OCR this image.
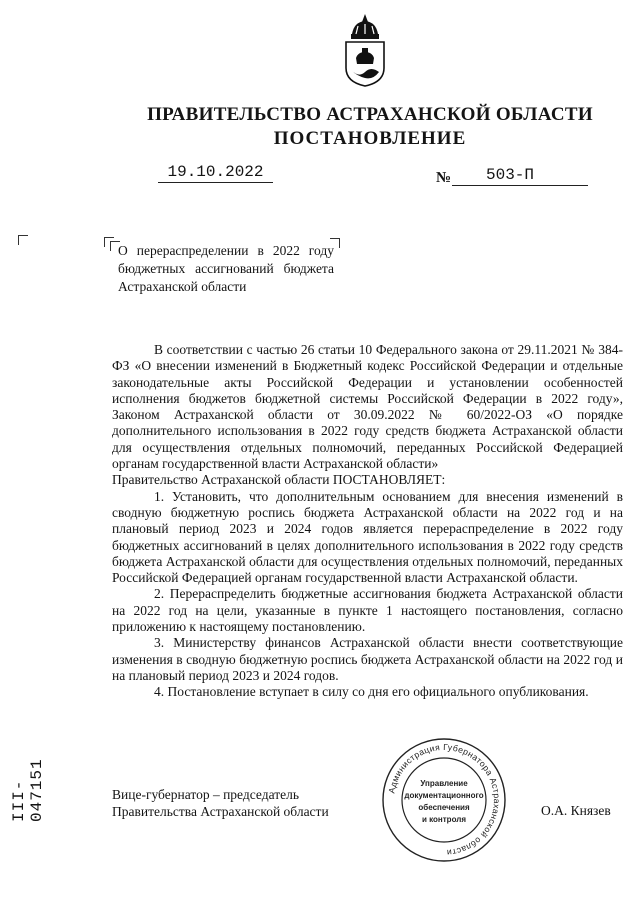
ПРАВИТЕЛЬСТВО АСТРАХАНСКОЙ ОБЛАСТИ
ПОСТАНОВЛЕНИЕ
19.10.2022	№	503-П
О перераспределении в 2022 году бюджетных ассигнований бюджета Астраханской области

В соответствии с частью 26 статьи 10 Федерального закона от 29.11.2021 № 384-ФЗ «О внесении изменений в Бюджетный кодекс Российской Федерации и отдельные законодательные акты Российской Федерации и установлении особенностей исполнения бюджетов бюджетной системы Российской Федерации в 2022 году», Законом Астраханской области от 30.09.2022 № 60/2022-ОЗ «О порядке дополнительного использования в 2022 году средств бюджета Астраханской области для осуществления отдельных полномочий, переданных Российской Федерацией органам государственной власти Астраханской области»

Правительство Астраханской области ПОСТАНОВЛЯЕТ:

1. Установить, что дополнительным основанием для внесения изменений в сводную бюджетную роспись бюджета Астраханской области на 2022 год и на плановый период 2023 и 2024 годов является перераспределение в 2022 году бюджетных ассигнований в целях дополнительного использования в 2022 году средств бюджета Астраханской области для осуществления отдельных полномочий, переданных Российской Федерацией органам государственной власти Астраханской области.

2. Перераспределить бюджетные ассигнования бюджета Астраханской области на 2022 год на цели, указанные в пункте 1 настоящего постановления, согласно приложению к настоящему постановлению.

3. Министерству финансов Астраханской области внести соответствующие изменения в сводную бюджетную роспись бюджета Астраханской области на 2022 год и на плановый период 2023 и 2024 годов.

4. Постановление вступает в силу со дня его официального опубликования.

Вице-губернатор – председатель
Правительства Астраханской области	О.А. Князев
Администрация Губернатора Астраханской области
Управление
документационного
обеспечения
и контроля
III- 047151
